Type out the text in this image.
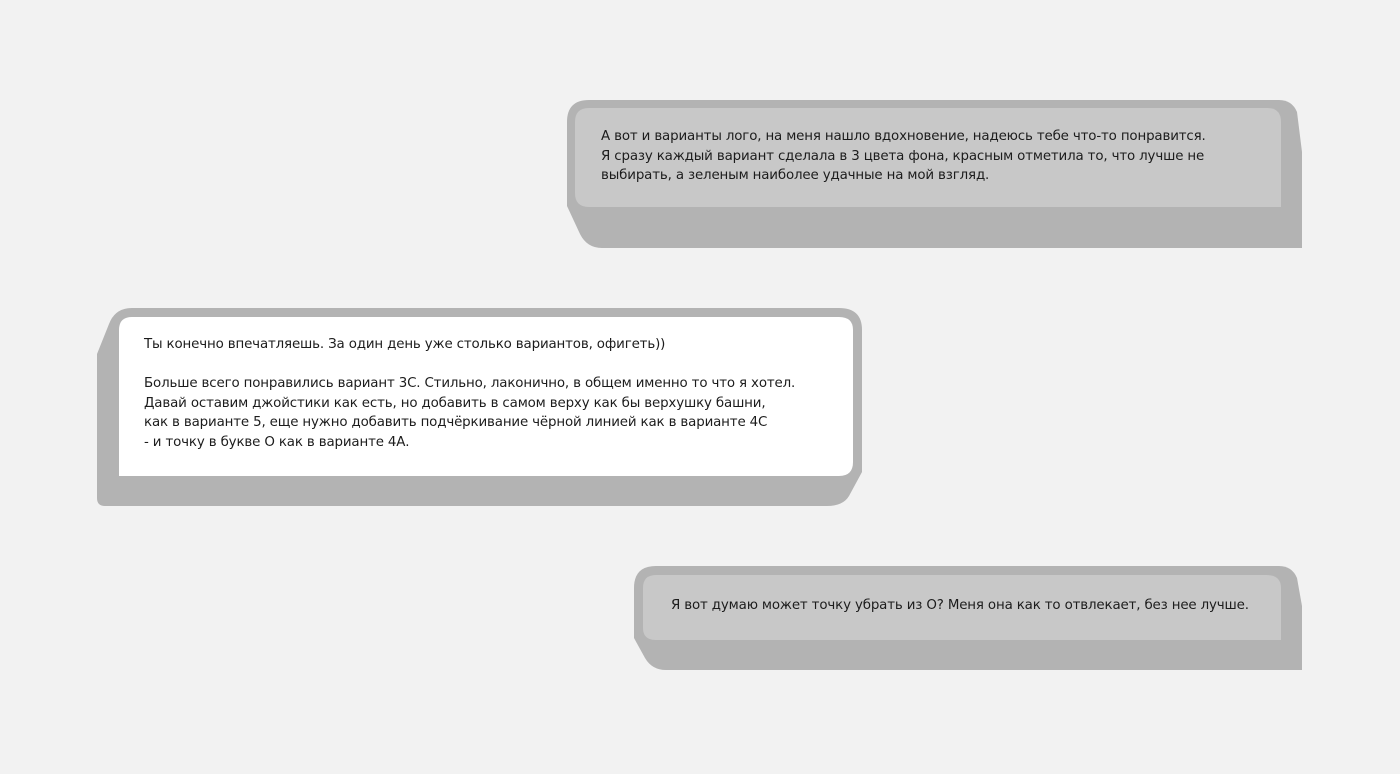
А вот и варианты лого, на меня нашло вдохновение, надеюсь тебе что-то понравится.
Я сразу каждый вариант сделала в 3 цвета фона, красным отметила то, что лучше не
выбирать, а зеленым наиболее удачные на мой взгляд.

Ты конечно впечатляешь. За один день уже столько вариантов, офигеть))

Больше всего понравились вариант 3С. Стильно, лаконично, в общем именно то что я хотел.
Давай оставим джойстики как есть, но добавить в самом верху как бы верхушку башни,
как в варианте 5, еще нужно добавить подчёркивание чёрной линией как в варианте 4С
- и точку в букве О как в варианте 4А.

Я вот думаю может точку убрать из О? Меня она как то отвлекает, без нее лучше.
